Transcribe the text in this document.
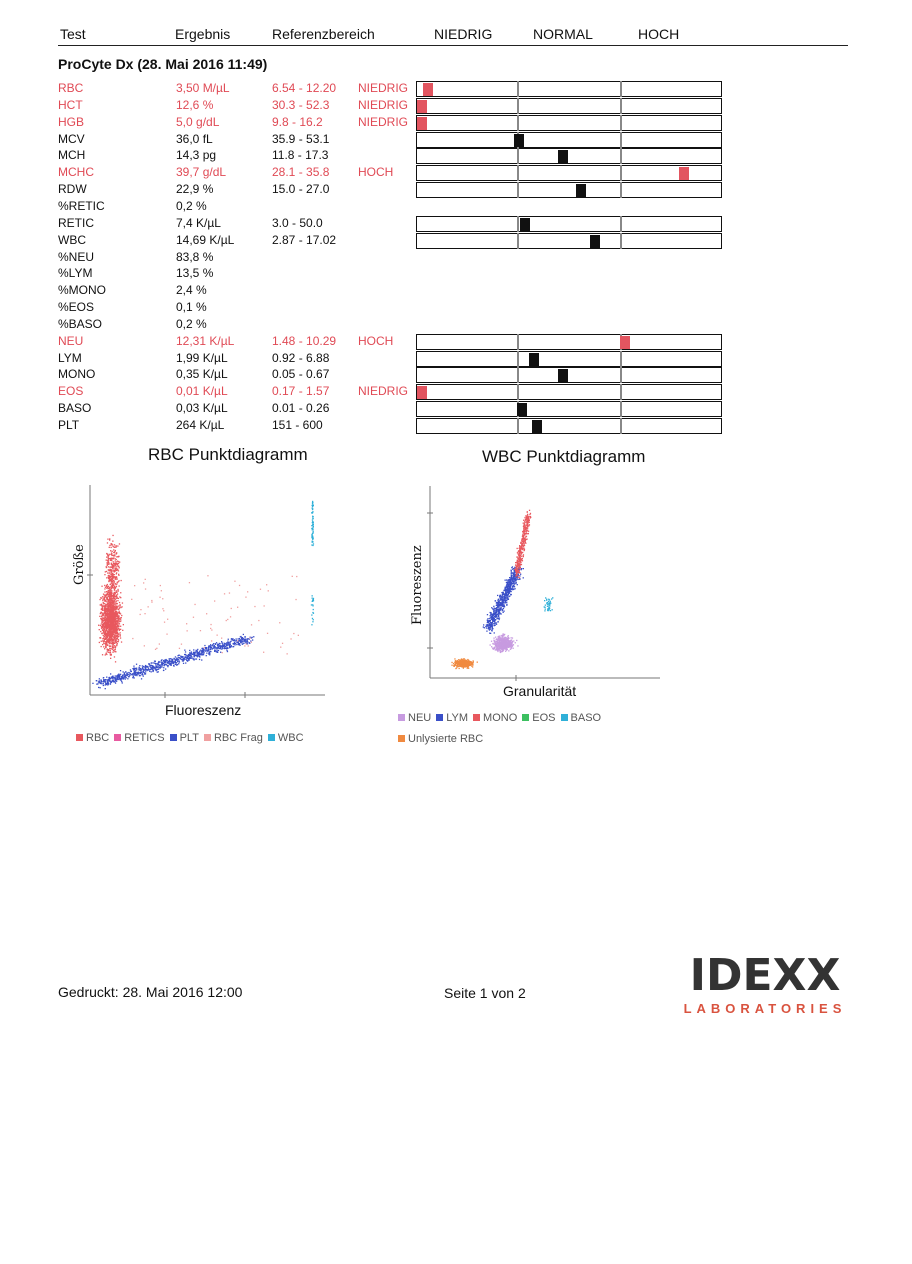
Test	Ergebnis	Referenzbereich	NIEDRIG	NORMAL	HOCH
ProCyte Dx (28. Mai 2016 11:49)
RBC	3,50 M/µL	6.54 - 12.20 NIEDRIG
HCT	12,6 %	30.3 - 52.3 NIEDRIG
HGB	5,0 g/dL	9.8 - 16.2	NIEDRIG
MCV	36,0 fL	35.9 - 53.1
MCH	14,3 pg	11.8 - 17.3
MCHC	39,7 g/dL	28.1 - 35.8 HOCH
RDW	22,9 %	15.0 - 27.0
%RETIC	0,2 %
RETIC	7,4 K/µL	3.0 - 50.0
WBC	14,69 K/µL	2.87 - 17.02
%NEU	83,8 %
%LYM	13,5 %
%MONO	2,4 %
%EOS	0,1 %
%BASO	0,2 %
NEU	12,31 K/µL	1.48 - 10.29 HOCH
LYM	1,99 K/µL	0.92 - 6.88
MONO	0,35 K/µL	0.05 - 0.67
EOS	0,01 K/µL	0.17 - 1.57 NIEDRIG
BASO	0,03 K/µL	0.01 - 0.26
PLT	264 K/µL	151 - 600
RBC Punktdiagramm
Größe
Fluoreszenz
RBC RETICS PLT RBC Frag WBC
WBC Punktdiagramm
Fluoreszenz
Granularität
NEU LYM MONO EOS BASO
Unlysierte RBC
Gedruckt: 28. Mai 2016 12:00	Seite 1 von 2	IDEXX
LABORATORIES
